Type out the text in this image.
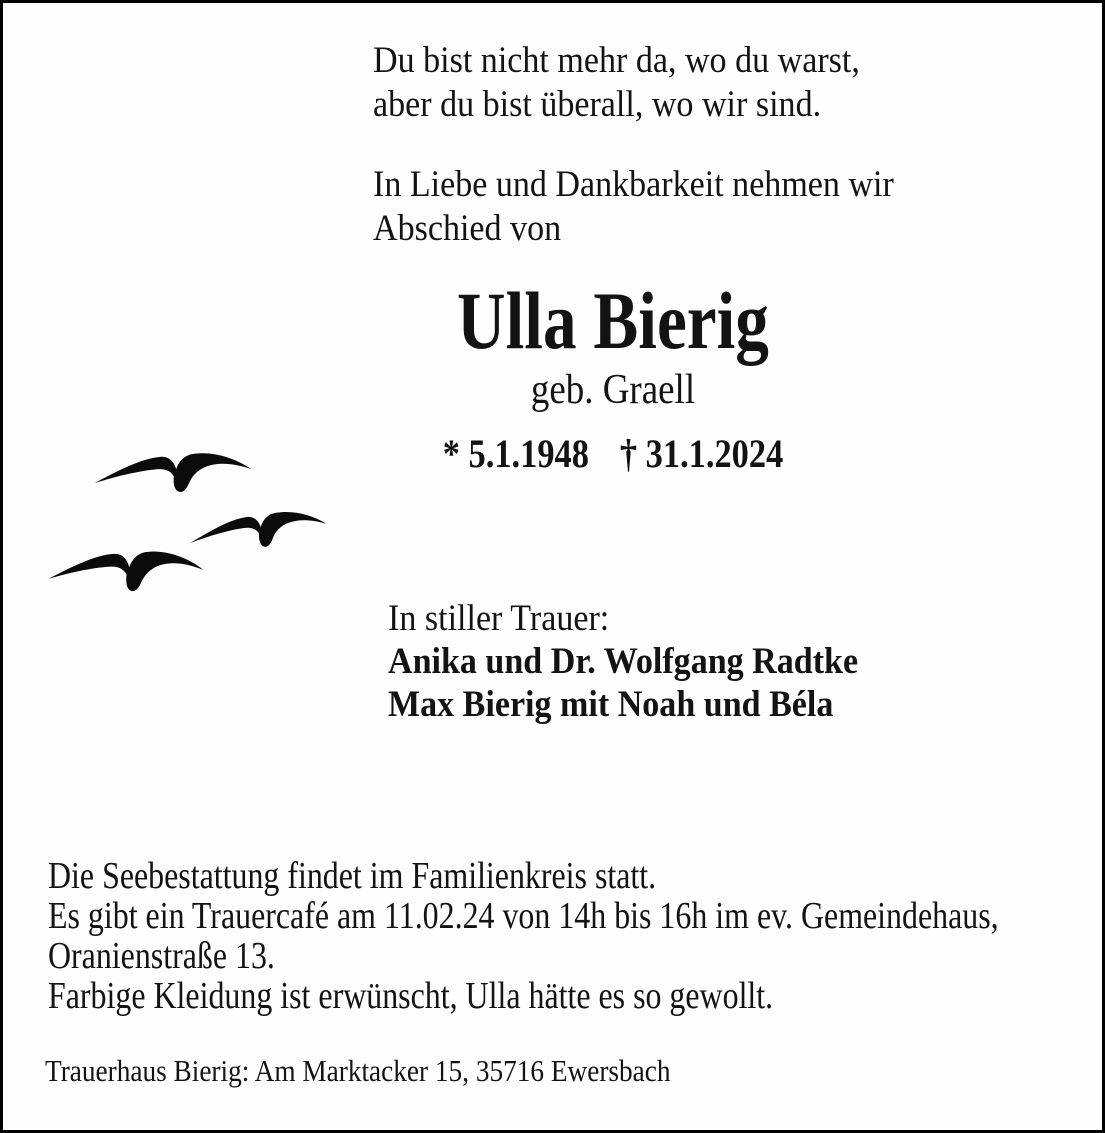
Du bist nicht mehr da, wo du warst,
aber du bist überall, wo wir sind.
In Liebe und Dankbarkeit nehmen wir
Abschied von
Ulla Bierig
geb. Graell
* 5.1.1948 † 31.1.2024
In stiller Trauer:
Anika und Dr. Wolfgang Radtke
Max Bierig mit Noah und Béla
Die Seebestattung findet im Familienkreis statt.
Es gibt ein Trauercafé am 11.02.24 von 14h bis 16h im ev. Gemeindehaus,
Oranienstraße 13.
Farbige Kleidung ist erwünscht, Ulla hätte es so gewollt.
Trauerhaus Bierig: Am Marktacker 15, 35716 Ewersbach
